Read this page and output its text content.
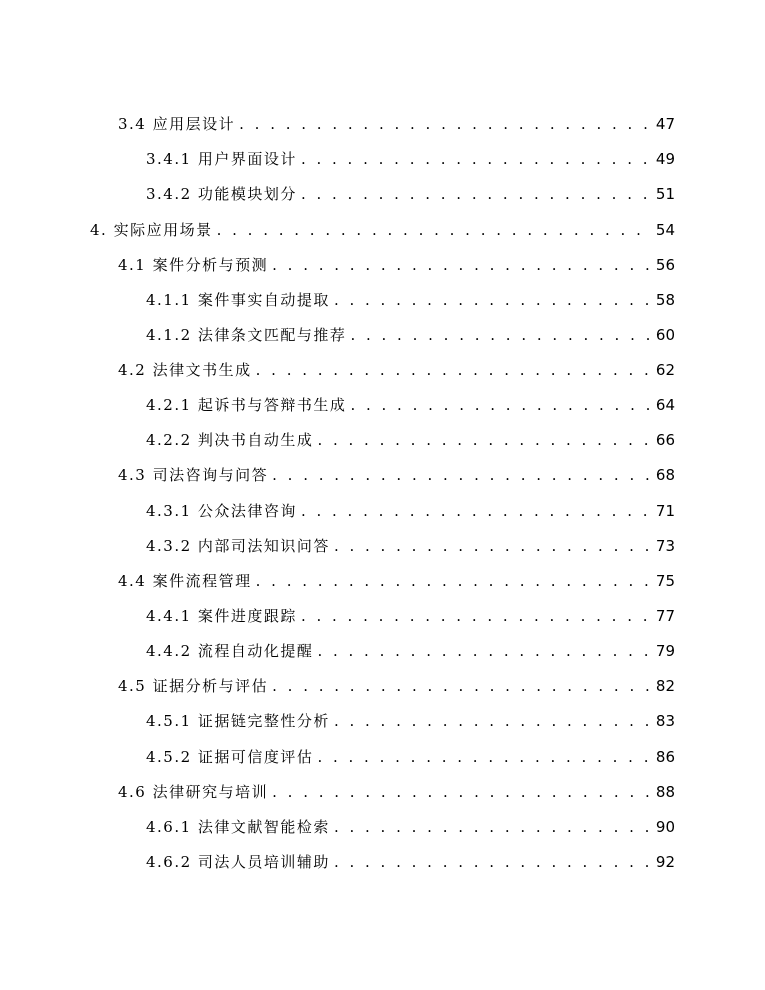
3.4 应用层设计 . . .	47
3.4.1 用户界面设计 . . .	49
3.4.2 功能模块划分 . . .	51
4. 实际应用场景 . . .	54
4.1 案件分析与预测 . . .	56
4.1.1 案件事实自动提取 . . .	58
4.1.2 法律条文匹配与推荐 . . .	60
4.2 法律文书生成 . . .	62
4.2.1 起诉书与答辩书生成 . . .	64
4.2.2 判决书自动生成 . . .	66
4.3 司法咨询与问答 . . .	68
4.3.1 公众法律咨询 . . .	71
4.3.2 内部司法知识问答 . . .	73
4.4 案件流程管理 . . .	75
4.4.1 案件进度跟踪 . . .	77
4.4.2 流程自动化提醒 . . .	79
4.5 证据分析与评估 . . .	82
4.5.1 证据链完整性分析 . . .	83
4.5.2 证据可信度评估 . . .	86
4.6 法律研究与培训 . . .	88
4.6.1 法律文献智能检索 . . .	90
4.6.2 司法人员培训辅助 . . .	92
